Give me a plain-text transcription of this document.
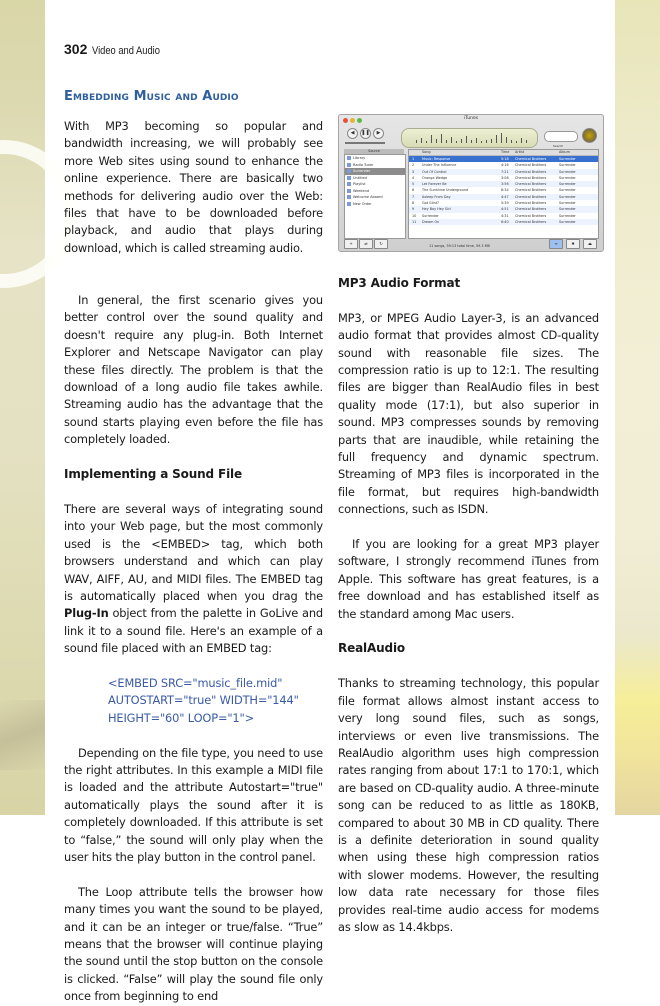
302 Video and Audio
Embedding Music and Audio

With MP3 becoming so popular and bandwidth increasing, we will probably see more Web sites using sound to enhance the online experience. There are basically two methods for delivering audio over the Web: files that have to be downloaded before playback, and audio that plays during download, which is called streaming audio.

In general, the first scenario gives you better control over the sound quality and doesn't require any plug-in. Both Internet Explorer and Netscape Navigator can play these files directly. The problem is that the download of a long audio file takes awhile. Streaming audio has the advantage that the sound starts playing even before the file has completely loaded.

Implementing a Sound File

There are several ways of integrating sound into your Web page, but the most commonly used is the <EMBED> tag, which both browsers understand and which can play WAV, AIFF, AU, and MIDI files. The EMBED tag is automatically placed when you drag the Plug-In object from the palette in GoLive and link it to a sound file. Here's an example of a sound file placed with an EMBED tag:

<EMBED SRC="music_file.mid"

AUTOSTART="true" WIDTH="144"

HEIGHT="60" LOOP="1">

Depending on the file type, you need to use the right attributes. In this example a MIDI file is loaded and the attribute Autostart="true" automatically plays the sound after it is completely downloaded. If this attribute is set to “false,” the sound will only play when the user hits the play button in the control panel.

The Loop attribute tells the browser how many times you want the sound to be played, and it can be an integer or true/false. “True” means that the browser will continue playing the sound until the stop button on the console is clicked. “False” will play the sound file only once from beginning to end

MP3 Audio Format

MP3, or MPEG Audio Layer-3, is an advanced audio format that provides almost CD-quality sound with reasonable file sizes. The compression ratio is up to 12:1. The resulting files are bigger than RealAudio files in best quality mode (17:1), but also superior in sound. MP3 compresses sounds by removing parts that are inaudible, while retaining the full frequency and dynamic spectrum. Streaming of MP3 files is incorporated in the file format, but requires high-bandwidth connections, such as ISDN.

If you are looking for a great MP3 player software, I strongly recommend iTunes from Apple. This software has great features, is a free download and has established itself as the standard among Mac users.

RealAudio

Thanks to streaming technology, this popular file format allows almost instant access to very long sound files, such as songs, interviews or even live transmissions. The RealAudio algorithm uses high compression rates ranging from about 17:1 to 170:1, which are based on CD-quality audio. A three-minute song can be reduced to as little as 180KB, compared to about 30 MB in CD quality. There is a definite deterioration in sound quality when using these high compression ratios with slower modems. However, the resulting low data rate necessary for those files provides real-time audio access for modems as slow as 14.4kbps.

iTunes
◀	❚❚	▶
Search
Source
Library
Radio Tuner
Surrender
Untitled
Playlist
Weekend
Welcome Aboard
New Order
Song	Time Artist	Album
1 Music: Response	5:18 Chemical Brothers	Surrender
2 Under The Influence	4:16 Chemical Brothers	Surrender
3 Out Of Control	7:21 Chemical Brothers	Surrender
4 Orange Wedge	3:08 Chemical Brothers	Surrender
5 Let Forever Be	3:56 Chemical Brothers	Surrender
6 The Sunshine Underground	8:34 Chemical Brothers	Surrender
7 Asleep From Day	4:47 Chemical Brothers	Surrender
8 Got Glint?	5:39 Chemical Brothers	Surrender
9 Hey Boy Hey Girl	4:51 Chemical Brothers	Surrender
10 Surrender	4:31 Chemical Brothers	Surrender
11 Dream On	6:40 Chemical Brothers	Surrender
+	⇄	↻	11 songs, 59:13 total time, 59.3 MB	≡	✹	⏏
